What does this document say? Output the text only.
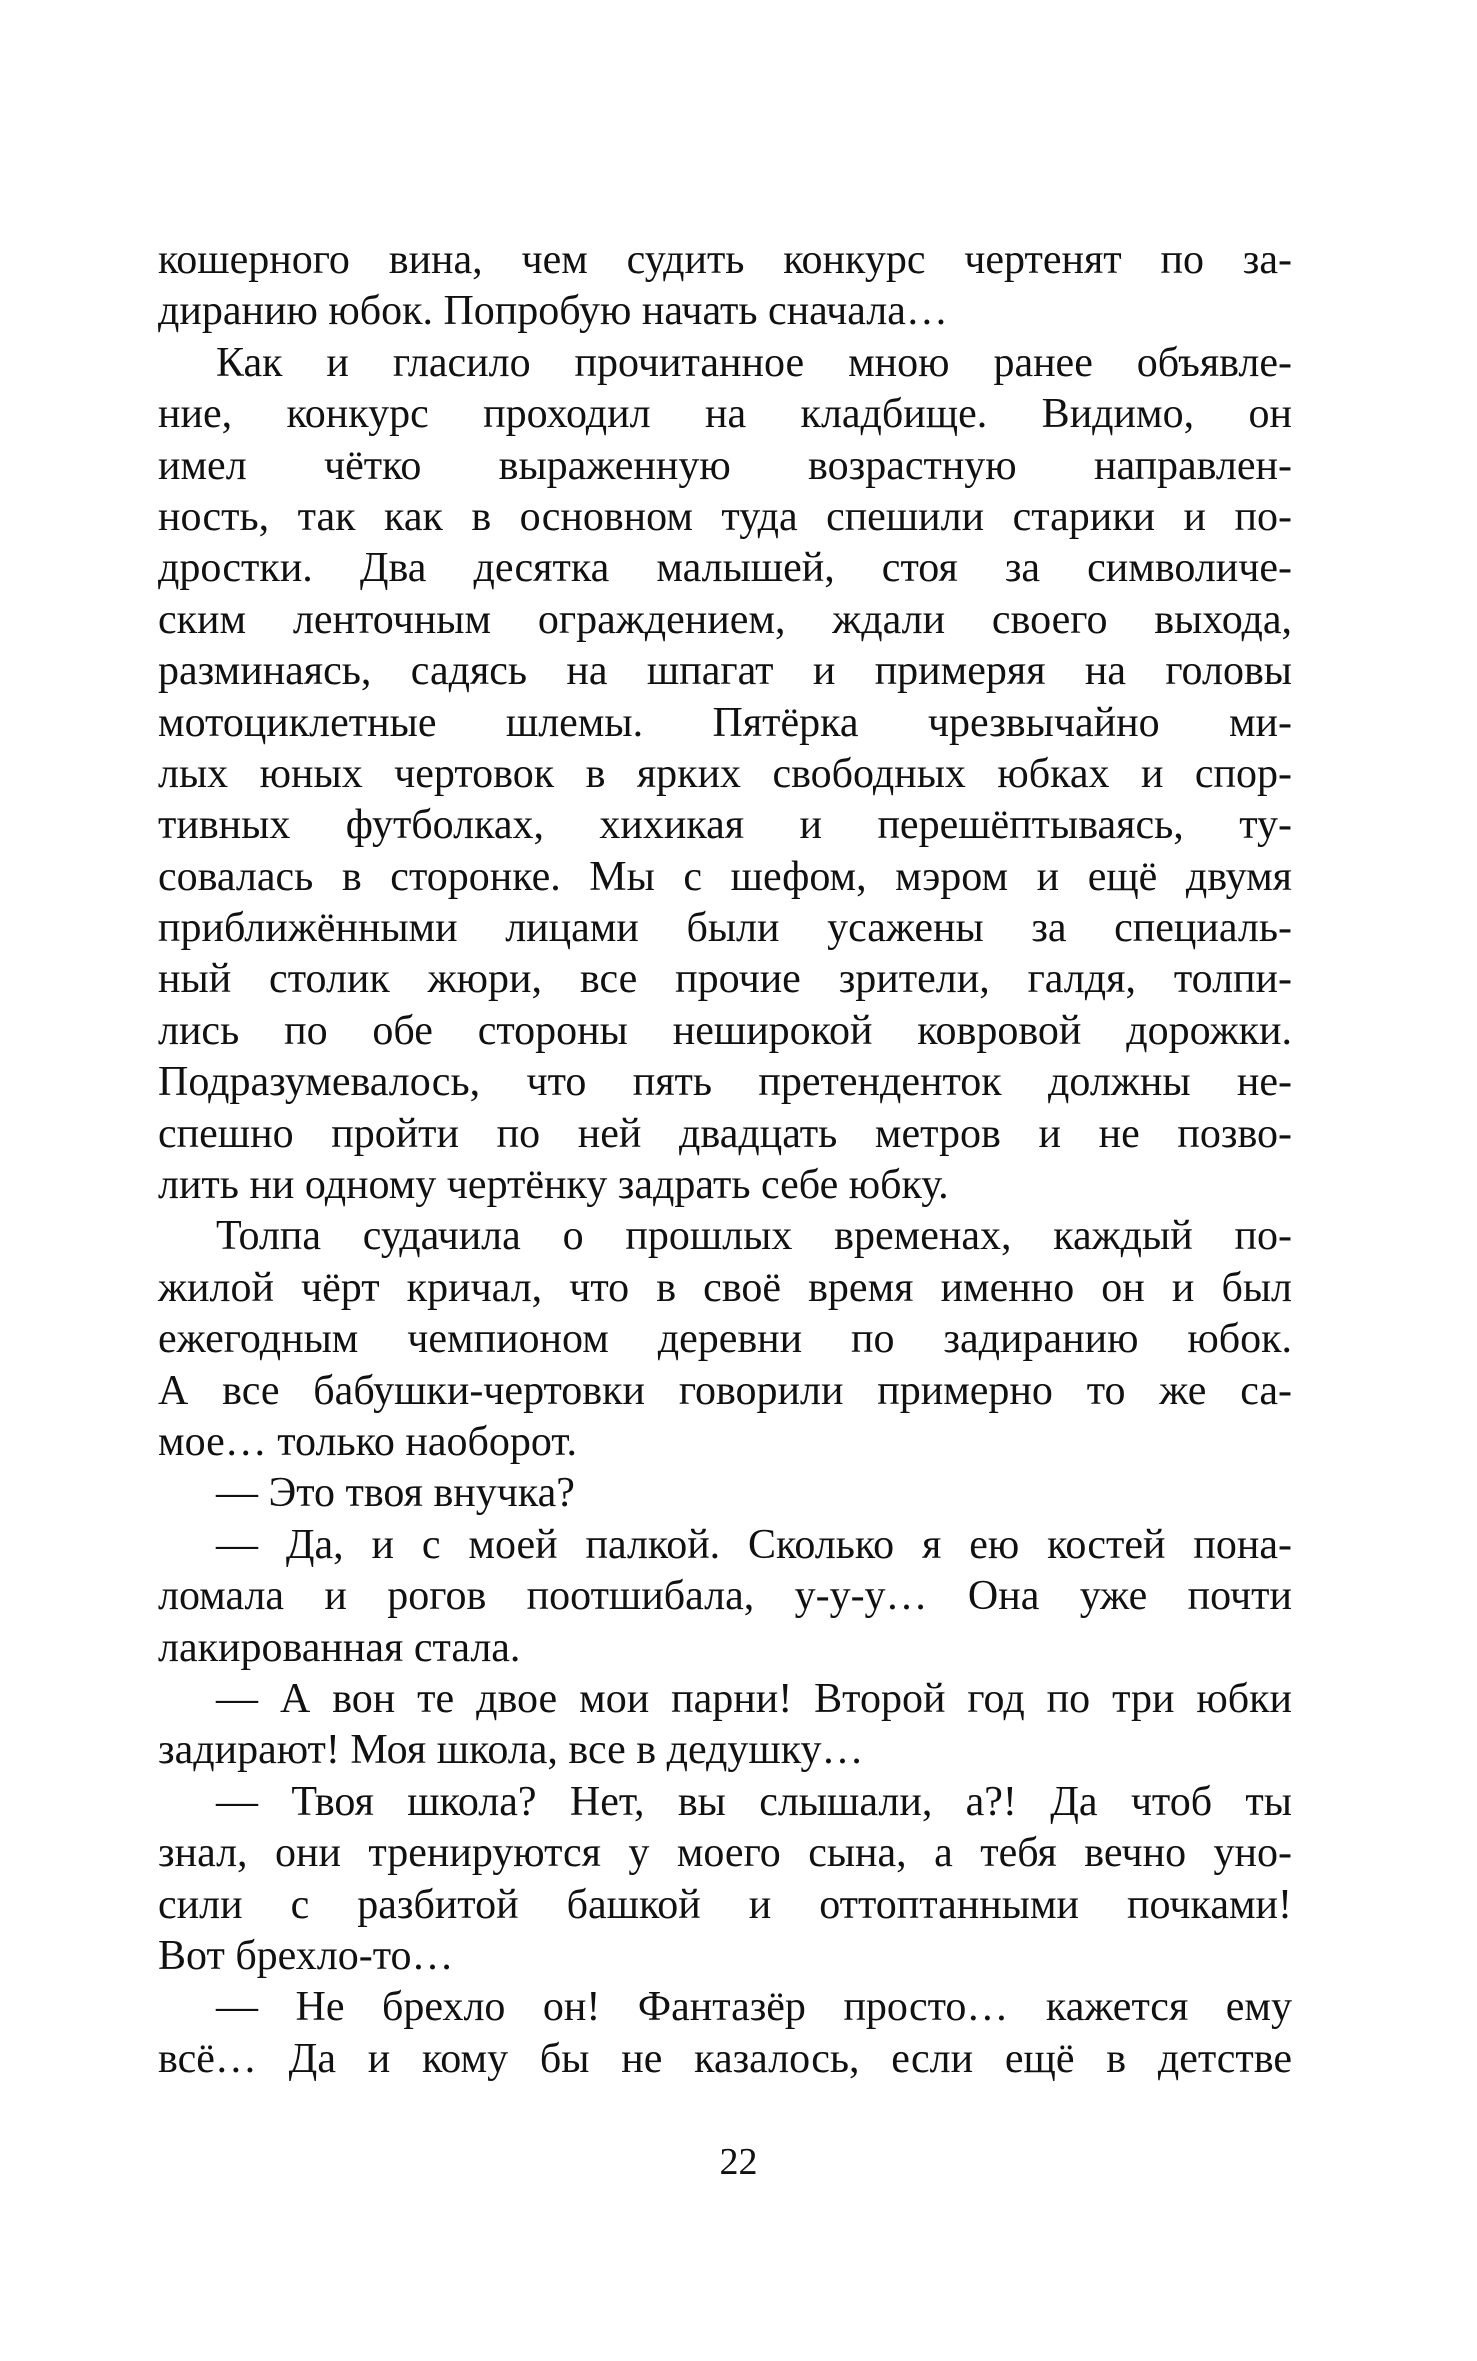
кошерного вина, чем судить конкурс чертенят по за-
диранию юбок. Попробую начать сначала…
Как и гласило прочитанное мною ранее объявле-
ние, конкурс проходил на кладбище. Видимо, он
имел чётко выраженную возрастную направлен-
ность, так как в основном туда спешили старики и по-
дростки. Два десятка малышей, стоя за символиче-
ским ленточным ограждением, ждали своего выхода,
разминаясь, садясь на шпагат и примеряя на головы
мотоциклетные шлемы. Пятёрка чрезвычайно ми-
лых юных чертовок в ярких свободных юбках и спор-
тивных футболках, хихикая и перешёптываясь, ту-
совалась в сторонке. Мы с шефом, мэром и ещё двумя
приближёнными лицами были усажены за специаль-
ный столик жюри, все прочие зрители, галдя, толпи-
лись по обе стороны неширокой ковровой дорожки.
Подразумевалось, что пять претенденток должны не-
спешно пройти по ней двадцать метров и не позво-
лить ни одному чертёнку задрать себе юбку.
Толпа судачила о прошлых временах, каждый по-
жилой чёрт кричал, что в своё время именно он и был
ежегодным чемпионом деревни по задиранию юбок.
А все бабушки-чертовки говорили примерно то же са-
мое… только наоборот.
— Это твоя внучка?
— Да, и с моей палкой. Сколько я ею костей пона-
ломала и рогов поотшибала, у-у-у… Она уже почти
лакированная стала.
— А вон те двое мои парни! Второй год по три юбки
задирают! Моя школа, все в дедушку…
— Твоя школа? Нет, вы слышали, а?! Да чтоб ты
знал, они тренируются у моего сына, а тебя вечно уно-
сили с разбитой башкой и оттоптанными почками!
Вот брехло-то…
— Не брехло он! Фантазёр просто… кажется ему
всё… Да и кому бы не казалось, если ещё в детстве
22
